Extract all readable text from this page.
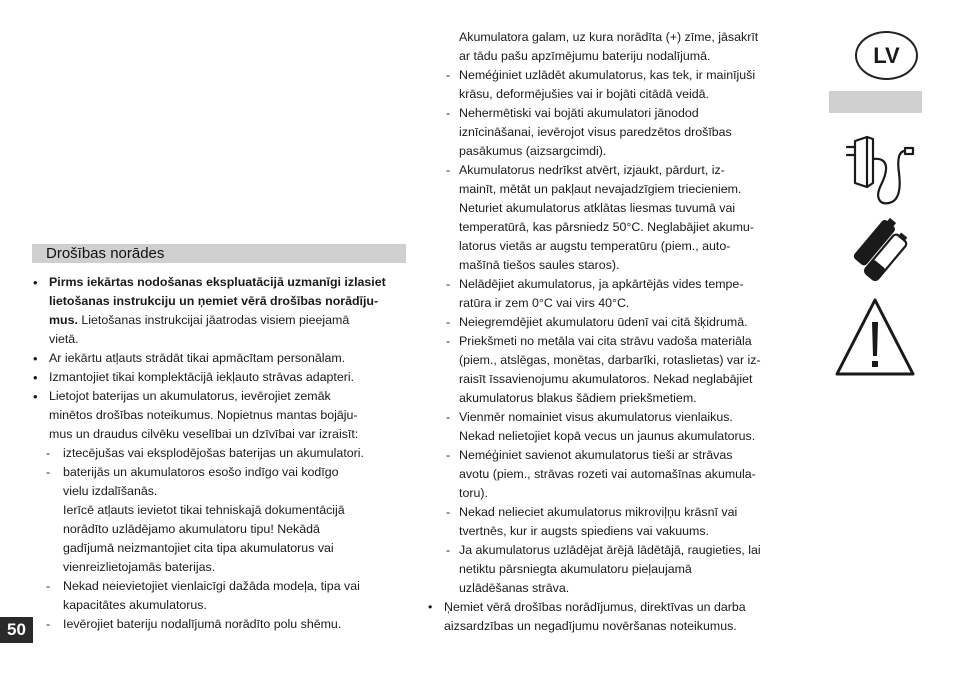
Drošības norādes
• Pirms iekārtas nodošanas ekspluatācijā uzmanīgi izlasiet
lietošanas instrukciju un ņemiet vērā drošības norādīju-
mus. Lietošanas instrukcijai jāatrodas visiem pieejamā
vietā.
• Ar iekārtu atļauts strādāt tikai apmācītam personālam.
• Izmantojiet tikai komplektācijā iekļauto strāvas adapteri.
• Lietojot baterijas un akumulatorus, ievērojiet zemāk
minētos drošības noteikumus. Nopietnus mantas bojāju-
mus un draudus cilvēku veselībai un dzīvībai var izraisīt:
- iztecējušas vai eksplodējošas baterijas un akumulatori.
- baterijās un akumulatoros esošo indīgo vai kodīgo
vielu izdalīšanās.
Ierīcē atļauts ievietot tikai tehniskajā dokumentācijā
norādīto uzlādējamo akumulatoru tipu! Nekādā
gadījumā neizmantojiet cita tipa akumulatorus vai
vienreizlietojamās baterijas.
- Nekad neievietojiet vienlaicīgi dažāda modeļa, tipa vai
kapacitātes akumulatorus.
- Ievērojiet bateriju nodalījumā norādīto polu shēmu.
Akumulatora galam, uz kura norādīta (+) zīme, jāsakrīt
ar tādu pašu apzīmējumu bateriju nodalījumā.
- Neméģiniet uzlādēt akumulatorus, kas tek, ir mainījuši
krāsu, deformējušies vai ir bojāti citādā veidā.
- Nehermētiski vai bojāti akumulatori jānodod
iznīcināšanai, ievērojot visus paredzētos drošības
pasākumus (aizsargcimdi).
- Akumulatorus nedrīkst atvērt, izjaukt, pārdurt, iz-
mainīt, mētāt un pakļaut nevajadzīgiem triecieniem.
Neturiet akumulatorus atklātas liesmas tuvumā vai
temperatūrā, kas pārsniedz 50°C. Neglabājiet akumu-
latorus vietās ar augstu temperatūru (piem., auto-
mašīnā tiešos saules staros).
- Nelādējiet akumulatorus, ja apkārtējās vides tempe-
ratūra ir zem 0°C vai virs 40°C.
- Neiegremdējiet akumulatoru ūdenī vai citā šķidrumā.
- Priekšmeti no metāla vai cita strāvu vadoša materiāla
(piem., atslēgas, monētas, darbarīki, rotaslietas) var iz-
raisīt īssavienojumu akumulatoros. Nekad neglabājiet
akumulatorus blakus šādiem priekšmetiem.
- Vienmēr nomainiet visus akumulatorus vienlaikus.
Nekad nelietojiet kopā vecus un jaunus akumulatorus.
- Neméģiniet savienot akumulatorus tieši ar strāvas
avotu (piem., strāvas rozeti vai automašīnas akumula-
toru).
- Nekad nelieciet akumulatorus mikroviļņu krāsnī vai
tvertnēs, kur ir augsts spiediens vai vakuums.
- Ja akumulatorus uzlādējat ārējā lādētājā, raugieties, lai
netiktu pārsniegta akumulatoru pieļaujamā
uzlādēšanas strāva.
• Ņemiet vērā drošības norādījumus, direktīvas un darba
aizsardzības un negadījumu novēršanas noteikumus.
50
LV
